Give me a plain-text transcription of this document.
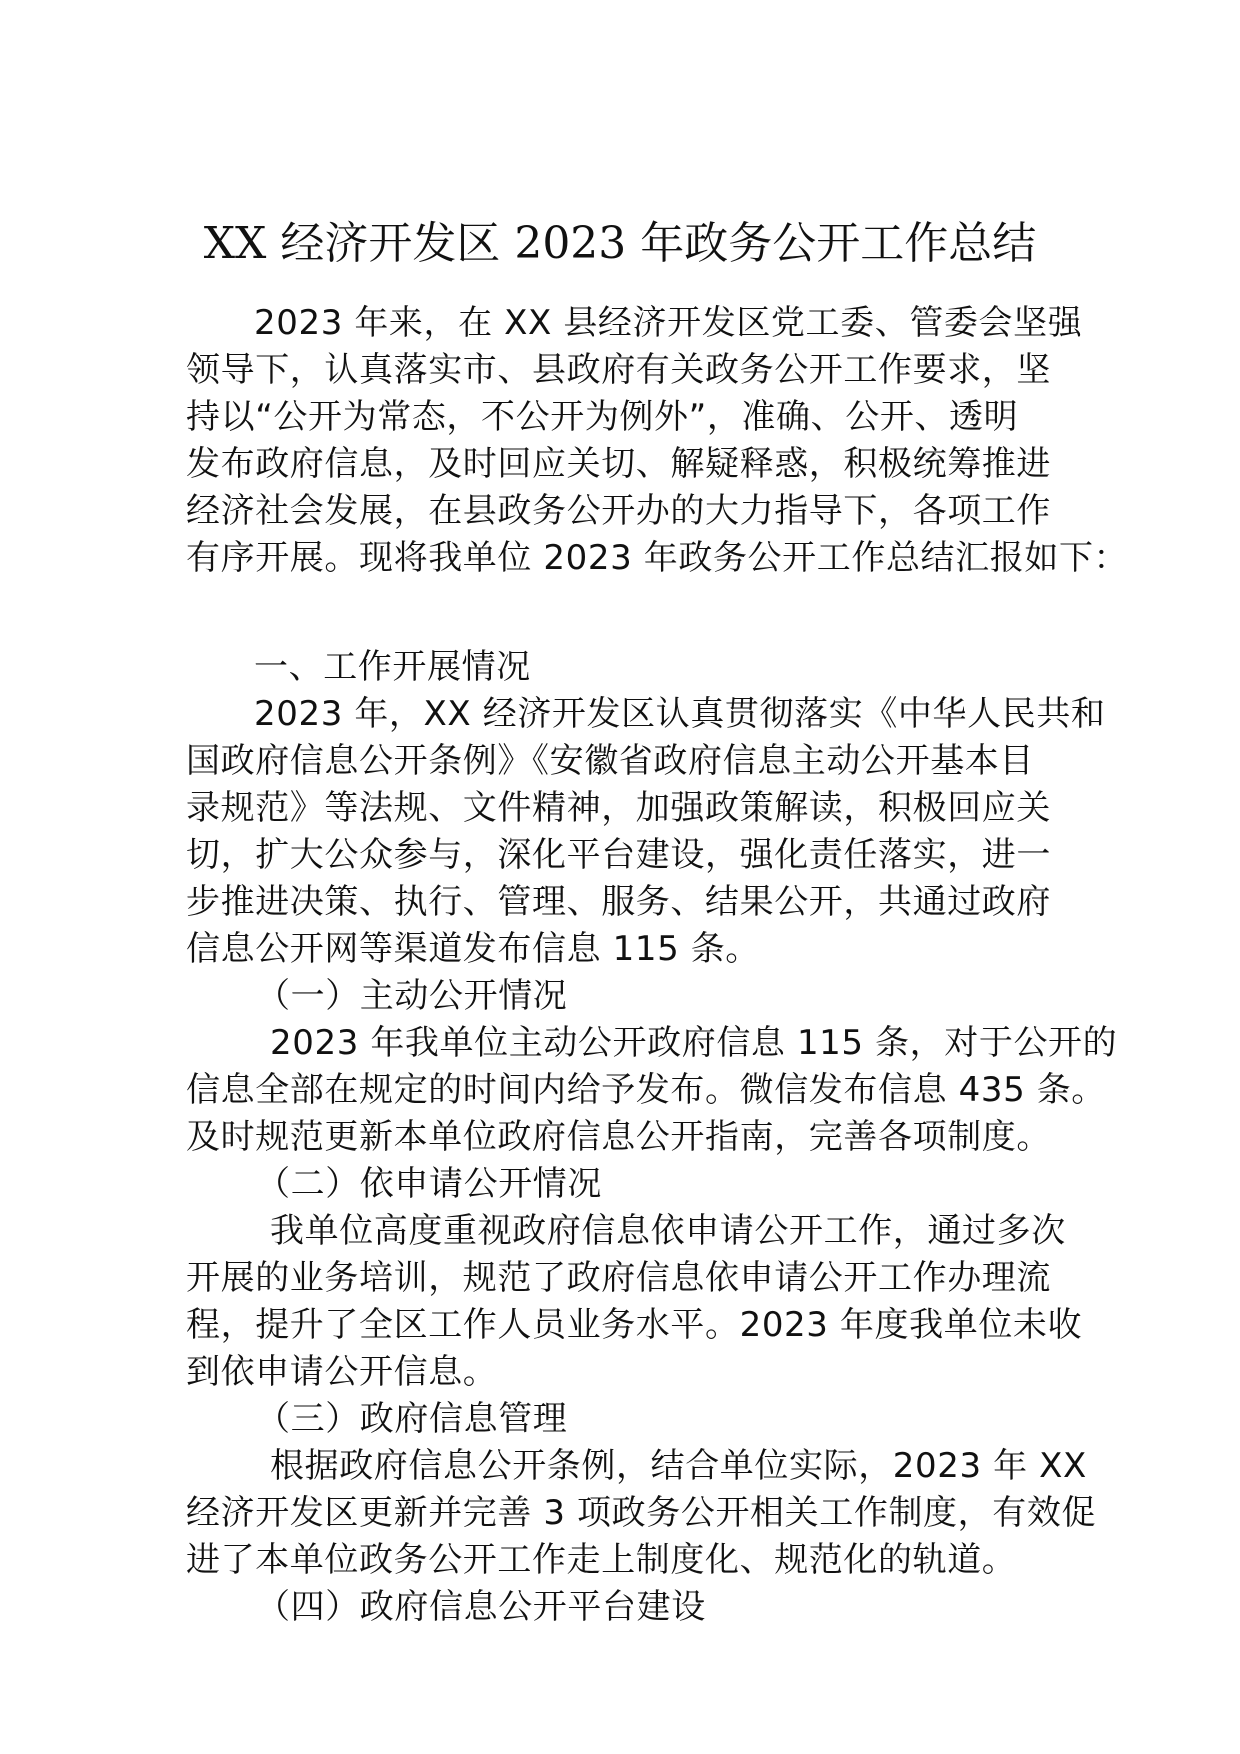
XX 经济开发区 2023 年政务公开工作总结
2023 年来，在 XX 县经济开发区党工委、管委会坚强
领导下，认真落实市、县政府有关政务公开工作要求，坚
持以“公开为常态，不公开为例外”，准确、公开、透明
发布政府信息，及时回应关切、解疑释惑，积极统筹推进
经济社会发展，在县政务公开办的大力指导下，各项工作
有序开展。现将我单位 2023 年政务公开工作总结汇报如下：
一、工作开展情况
2023 年，XX 经济开发区认真贯彻落实《中华人民共和
国政府信息公开条例》《安徽省政府信息主动公开基本目
录规范》等法规、文件精神，加强政策解读，积极回应关
切，扩大公众参与，深化平台建设，强化责任落实，进一
步推进决策、执行、管理、服务、结果公开，共通过政府
信息公开网等渠道发布信息 115 条。
（一）主动公开情况
2023 年我单位主动公开政府信息 115 条，对于公开的
信息全部在规定的时间内给予发布。微信发布信息 435 条。
及时规范更新本单位政府信息公开指南，完善各项制度。
（二）依申请公开情况
我单位高度重视政府信息依申请公开工作，通过多次
开展的业务培训，规范了政府信息依申请公开工作办理流
程，提升了全区工作人员业务水平。2023 年度我单位未收
到依申请公开信息。
（三）政府信息管理
根据政府信息公开条例，结合单位实际，2023 年 XX
经济开发区更新并完善 3 项政务公开相关工作制度，有效促
进了本单位政务公开工作走上制度化、规范化的轨道。
（四）政府信息公开平台建设
